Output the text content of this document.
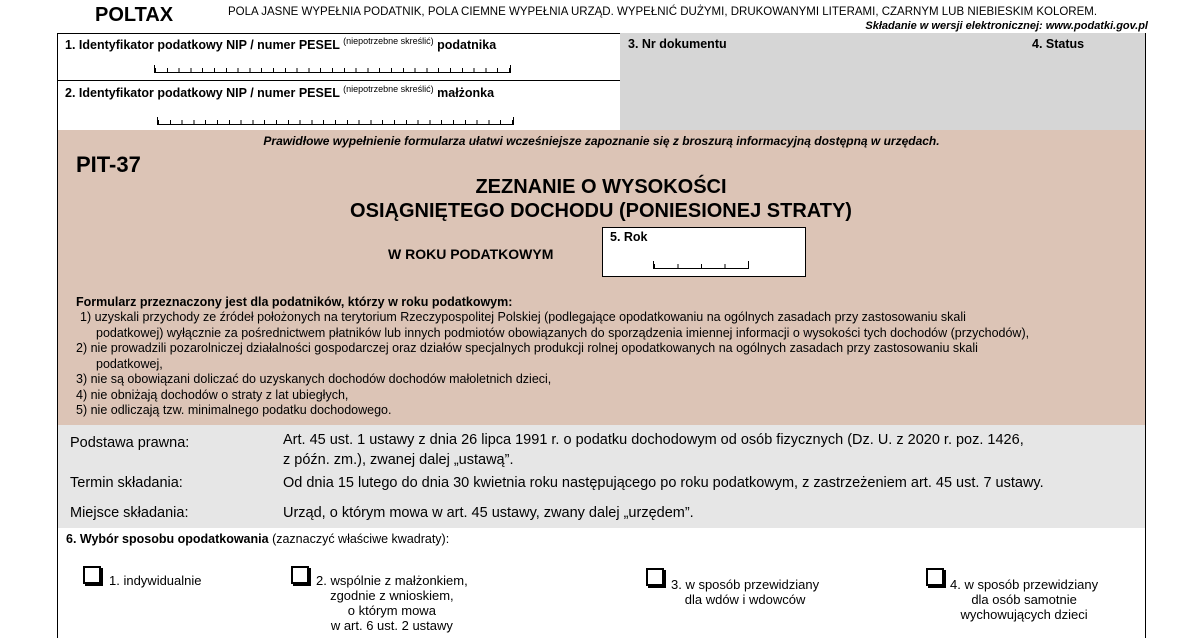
POLTAX	POLA JASNE WYPEŁNIA PODATNIK, POLA CIEMNE WYPEŁNIA URZĄD. WYPEŁNIĆ DUŻYMI, DRUKOWANYMI LITERAMI, CZARNYM LUB NIEBIESKIM KOLOREM.
Składanie w wersji elektronicznej: www.podatki.gov.pl
1. Identyfikator podatkowy NIP / numer PESEL $^{(niepotrzebne skreślić)}$ podatnika
2. Identyfikator podatkowy NIP / numer PESEL $^{(niepotrzebne skreślić)}$ małżonka
3. Nr dokumentu	4. Status
Prawidłowe wypełnienie formularza ułatwi wcześniejsze zapoznanie się z broszurą informacyjną dostępną w urzędach.
PIT-37
ZEZNANIE O WYSOKOŚCI
OSIĄGNIĘTEGO DOCHODU (PONIESIONEJ STRATY)
W ROKU PODATKOWYM
5. Rok
Formularz przeznaczony jest dla podatników, którzy w roku podatkowym:
1) uzyskali przychody ze źródeł położonych na terytorium Rzeczypospolitej Polskiej (podlegające opodatkowaniu na ogólnych zasadach przy zastosowaniu skali
podatkowej) wyłącznie za pośrednictwem płatników lub innych podmiotów obowiązanych do sporządzenia imiennej informacji o wysokości tych dochodów (przychodów),
2) nie prowadzili pozarolniczej działalności gospodarczej oraz działów specjalnych produkcji rolnej opodatkowanych na ogólnych zasadach przy zastosowaniu skali
podatkowej,
3) nie są obowiązani doliczać do uzyskanych dochodów dochodów małoletnich dzieci,
4) nie obniżają dochodów o straty z lat ubiegłych,
5) nie odliczają tzw. minimalnego podatku dochodowego.
Podstawa prawna:	Art. 45 ust. 1 ustawy z dnia 26 lipca 1991 r. o podatku dochodowym od osób fizycznych (Dz. U. z 2020 r. poz. 1426,
z późn. zm.), zwanej dalej „ustawą”.
Termin składania:	Od dnia 15 lutego do dnia 30 kwietnia roku następującego po roku podatkowym, z zastrzeżeniem art. 45 ust. 7 ustawy.
Miejsce składania:	Urząd, o którym mowa w art. 45 ustawy, zwany dalej „urzędem”.
6. Wybór sposobu opodatkowania (zaznaczyć właściwe kwadraty):
1. indywidualnie	2. wspólnie z małżonkiem,
zgodnie z wnioskiem,
o którym mowa
w art. 6 ust. 2 ustawy
3. w sposób przewidziany
dla wdów i wdowców
4. w sposób przewidziany
dla osób samotnie
wychowujących dzieci
